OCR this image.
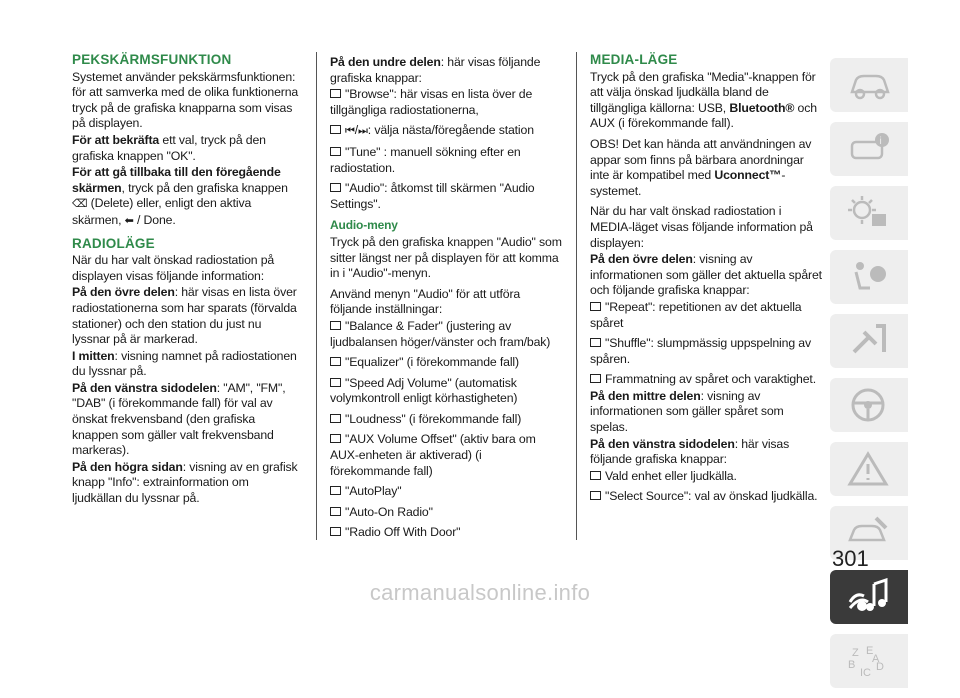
PEKSKÄRMSFUNKTION

Systemet använder pekskärmsfunktionen: för att samverka med de olika funktionerna tryck på de grafiska knapparna som visas på displayen.

För att bekräfta ett val, tryck på den grafiska knappen "OK".

För att gå tillbaka till den föregående skärmen, tryck på den grafiska knappen ⌫ (Delete) eller, enligt den aktiva skärmen, ⬅ / Done.

RADIOLÄGE

När du har valt önskad radiostation på displayen visas följande information:

På den övre delen: här visas en lista över radiostationerna som har sparats (förvalda stationer) och den station du just nu lyssnar på är markerad.

I mitten: visning namnet på radiostationen du lyssnar på.

På den vänstra sidodelen: "AM", "FM", "DAB" (i förekommande fall) för val av önskat frekvensband (den grafiska knappen som gäller valt frekvensband markeras).

På den högra sidan: visning av en grafisk knapp "Info": extrainformation om ljudkällan du lyssnar på.

På den undre delen: här visas följande grafiska knappar:

"Browse": här visas en lista över de tillgängliga radiostationerna,

⏮/⏭: välja nästa/föregående station

"Tune" : manuell sökning efter en radiostation.

"Audio": åtkomst till skärmen "Audio Settings".

Audio-meny

Tryck på den grafiska knappen "Audio" som sitter längst ner på displayen för att komma in i "Audio"-menyn.

Använd menyn "Audio" för att utföra följande inställningar:

"Balance & Fader" (justering av ljudbalansen höger/vänster och fram/bak)

"Equalizer" (i förekommande fall)

"Speed Adj Volume" (automatisk volymkontroll enligt körhastigheten)

"Loudness" (i förekommande fall)

"AUX Volume Offset" (aktiv bara om AUX-enheten är aktiverad) (i förekommande fall)

"AutoPlay"

"Auto-On Radio"

"Radio Off With Door"

MEDIA-LÄGE

Tryck på den grafiska "Media"-knappen för att välja önskad ljudkälla bland de tillgängliga källorna: USB, Bluetooth® och AUX (i förekommande fall).

OBS! Det kan hända att användningen av appar som finns på bärbara anordningar inte är kompatibel med Uconnect™-systemet.

När du har valt önskad radiostation i MEDIA-läget visas följande information på displayen:

På den övre delen: visning av informationen som gäller det aktuella spåret och följande grafiska knappar:

"Repeat": repetitionen av det aktuella spåret

"Shuffle": slumpmässig uppspelning av spåren.

Frammatning av spåret och varaktighet.

På den mittre delen: visning av informationen som gäller spåret som spelas.

På den vänstra sidodelen: här visas följande grafiska knappar:

Vald enhet eller ljudkälla.

"Select Source": val av önskad ljudkälla.

i
Z E
B
IC D
A
301
carmanualsonline.info
